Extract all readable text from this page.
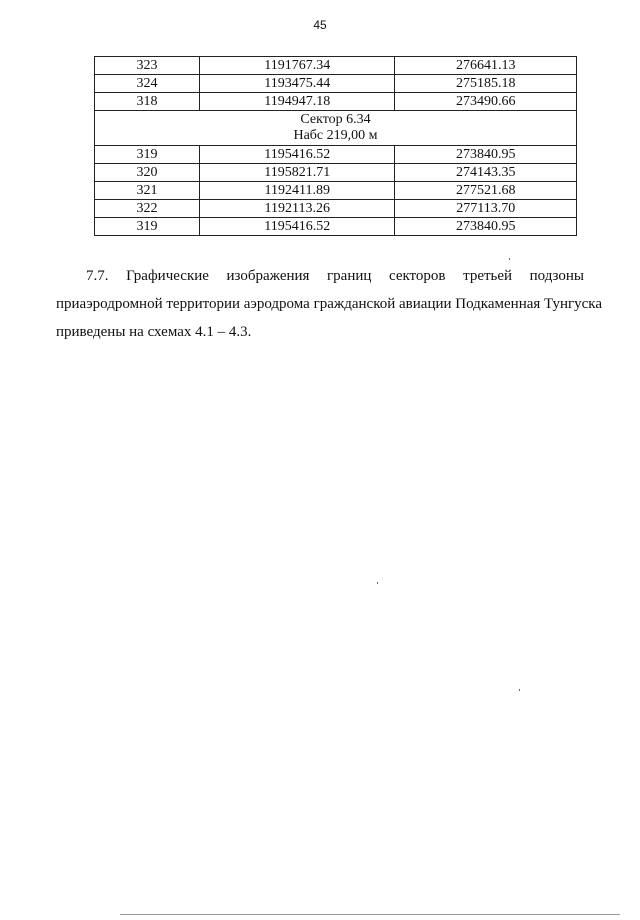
45
323	1191767.34	276641.13
324	1193475.44	275185.18
318	1194947.18	273490.66

Сектор 6.34
Набс 219,00 м		

319	1195416.52	273840.95
320	1195821.71	274143.35
321	1192411.89	277521.68
322	1192113.26	277113.70
319	1195416.52	273840.95
7.7. Графические изображения границ секторов третьей подзоны
приаэродромной территории аэродрома гражданской авиации Подкаменная Тунгуска
приведены на схемах 4.1 – 4.3.
